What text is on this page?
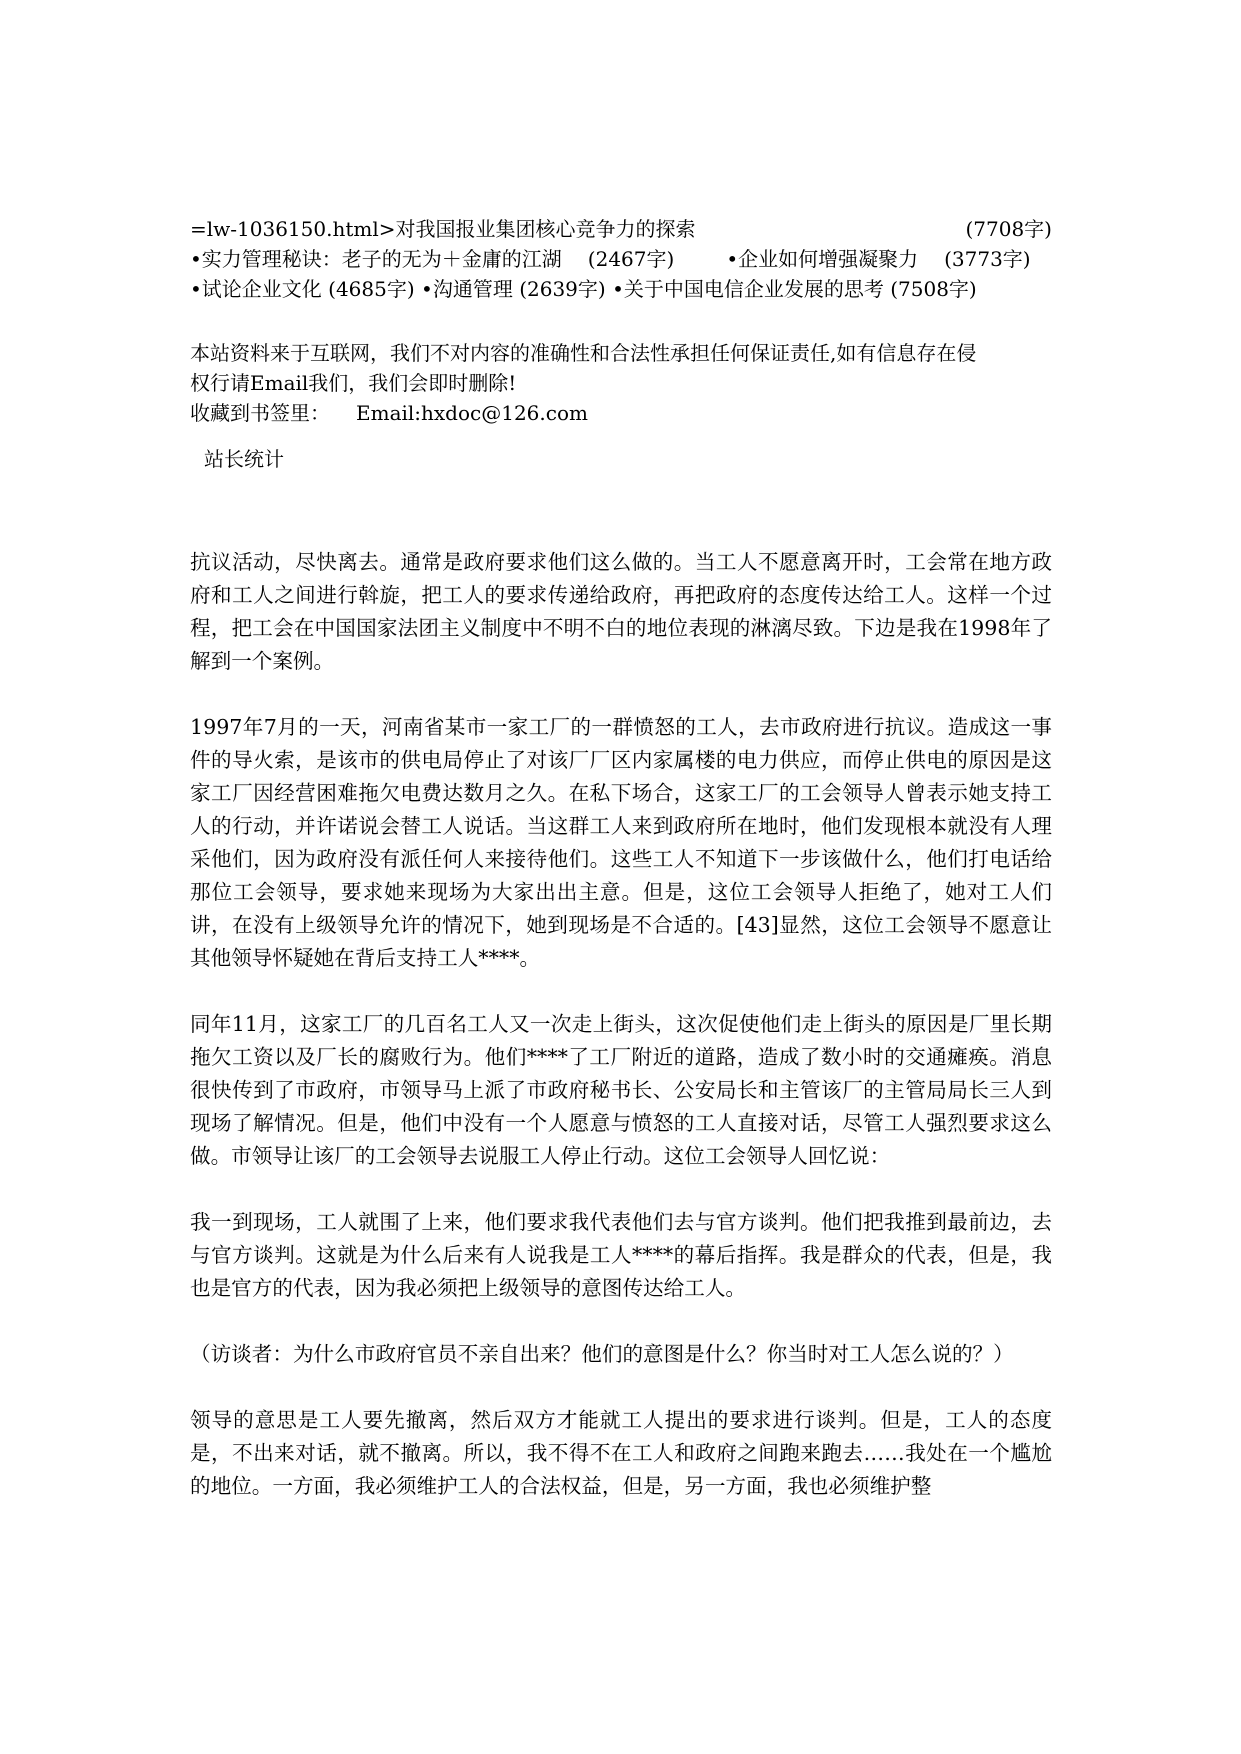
=lw-1036150.html>对我国报业集团核心竞争力的探索	(7708字)
•实力管理秘诀：老子的无为＋金庸的江湖 (2467字)	•企业如何增强凝聚力 (3773字)
•试论企业文化 (4685字) •沟通管理 (2639字) •关于中国电信企业发展的思考 (7508字)
本站资料来于互联网，我们不对内容的准确性和合法性承担任何保证责任,如有信息存在侵
权行请Email我们，我们会即时删除!
收藏到书签里： Email:hxdoc@126.com
站长统计

抗议活动，尽快离去。通常是政府要求他们这么做的。当工人不愿意离开时，工会常在地方政府和工人之间进行斡旋，把工人的要求传递给政府，再把政府的态度传达给工人。这样一个过程，把工会在中国国家法团主义制度中不明不白的地位表现的淋漓尽致。下边是我在1998年了解到一个案例。

1997年7月的一天，河南省某市一家工厂的一群愤怒的工人，去市政府进行抗议。造成这一事件的导火索，是该市的供电局停止了对该厂厂区内家属楼的电力供应，而停止供电的原因是这家工厂因经营困难拖欠电费达数月之久。在私下场合，这家工厂的工会领导人曾表示她支持工人的行动，并许诺说会替工人说话。当这群工人来到政府所在地时，他们发现根本就没有人理采他们，因为政府没有派任何人来接待他们。这些工人不知道下一步该做什么，他们打电话给那位工会领导，要求她来现场为大家出出主意。但是，这位工会领导人拒绝了，她对工人们讲，在没有上级领导允许的情况下，她到现场是不合适的。[43]显然，这位工会领导不愿意让其他领导怀疑她在背后支持工人****。

同年11月，这家工厂的几百名工人又一次走上街头，这次促使他们走上街头的原因是厂里长期拖欠工资以及厂长的腐败行为。他们****了工厂附近的道路，造成了数小时的交通瘫痪。消息很快传到了市政府，市领导马上派了市政府秘书长、公安局长和主管该厂的主管局局长三人到现场了解情况。但是，他们中没有一个人愿意与愤怒的工人直接对话，尽管工人强烈要求这么做。市领导让该厂的工会领导去说服工人停止行动。这位工会领导人回忆说：

我一到现场，工人就围了上来，他们要求我代表他们去与官方谈判。他们把我推到最前边，去与官方谈判。这就是为什么后来有人说我是工人****的幕后指挥。我是群众的代表，但是，我也是官方的代表，因为我必须把上级领导的意图传达给工人。

（访谈者：为什么市政府官员不亲自出来？他们的意图是什么？你当时对工人怎么说的？）

领导的意思是工人要先撤离，然后双方才能就工人提出的要求进行谈判。但是，工人的态度是，不出来对话，就不撤离。所以，我不得不在工人和政府之间跑来跑去……我处在一个尴尬的地位。一方面，我必须维护工人的合法权益，但是，另一方面，我也必须维护整
